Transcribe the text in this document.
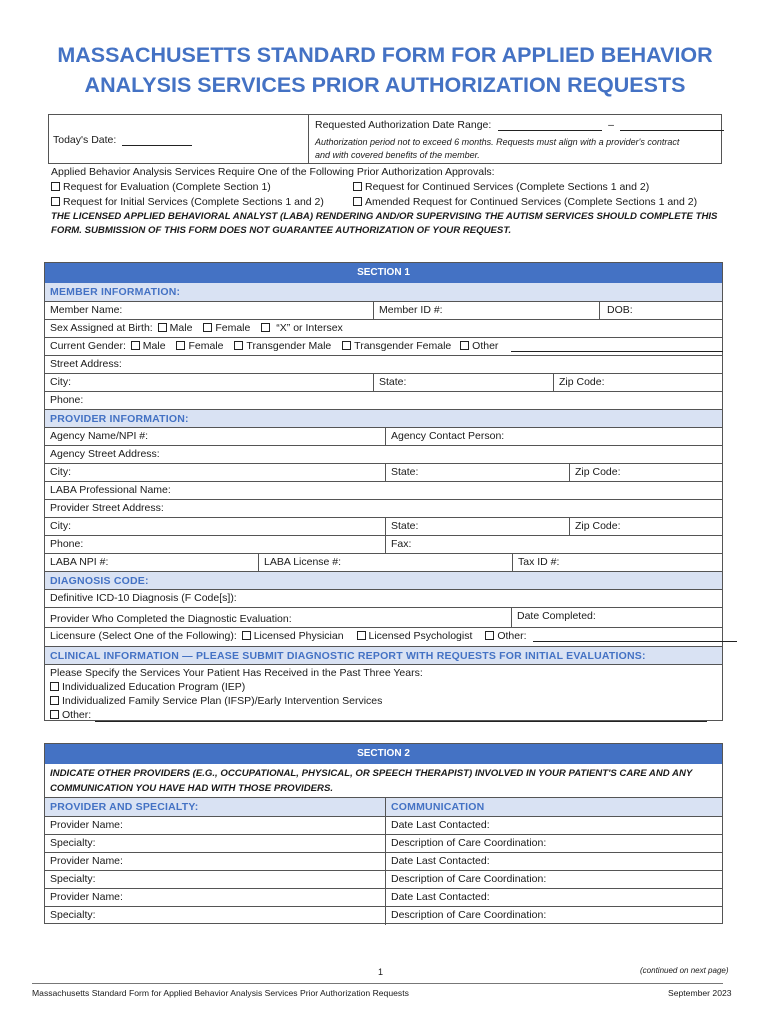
MASSACHUSETTS STANDARD FORM FOR APPLIED BEHAVIOR
ANALYSIS SERVICES PRIOR AUTHORIZATION REQUESTS
Today's Date:
Requested Authorization Date Range:	–
Authorization period not to exceed 6 months. Requests must align with a provider's contract
and with covered benefits of the member.
Applied Behavior Analysis Services Require One of the Following Prior Authorization Approvals:
Request for Evaluation (Complete Section 1)	Request for Continued Services (Complete Sections 1 and 2)
Request for Initial Services (Complete Sections 1 and 2)	Amended Request for Continued Services (Complete Sections 1 and 2)
THE LICENSED APPLIED BEHAVIORAL ANALYST (LABA) RENDERING AND/OR SUPERVISING THE AUTISM SERVICES SHOULD COMPLETE THIS
FORM. SUBMISSION OF THIS FORM DOES NOT GUARANTEE AUTHORIZATION OF YOUR REQUEST.
SECTION 1
MEMBER INFORMATION:
Member Name:	Member ID #:	DOB:
Sex Assigned at Birth: Male Female “X” or Intersex
Current Gender: Male Female Transgender Male Transgender Female Other
Street Address:
City:	State:	Zip Code:
Phone:
PROVIDER INFORMATION:
Agency Name/NPI #:	Agency Contact Person:
Agency Street Address:
City:	State:	Zip Code:
LABA Professional Name:
Provider Street Address:
City:	State:	Zip Code:
Phone:	Fax:
LABA NPI #:	LABA License #:	Tax ID #:
DIAGNOSIS CODE:
Definitive ICD-10 Diagnosis (F Code[s]):
Provider Who Completed the Diagnostic Evaluation:	Date Completed:
Licensure (Select One of the Following): Licensed Physician Licensed Psychologist Other:
CLINICAL INFORMATION — PLEASE SUBMIT DIAGNOSTIC REPORT WITH REQUESTS FOR INITIAL EVALUATIONS:
Please Specify the Services Your Patient Has Received in the Past Three Years:
Individualized Education Program (IEP)
Individualized Family Service Plan (IFSP)/Early Intervention Services
Other:
SECTION 2
INDICATE OTHER PROVIDERS (E.G., OCCUPATIONAL, PHYSICAL, OR SPEECH THERAPIST) INVOLVED IN YOUR PATIENT'S CARE AND ANY
COMMUNICATION YOU HAVE HAD WITH THOSE PROVIDERS.
PROVIDER AND SPECIALTY:	COMMUNICATION
Provider Name:	Date Last Contacted:
Specialty:	Description of Care Coordination:
Provider Name:	Date Last Contacted:
Specialty:	Description of Care Coordination:
Provider Name:	Date Last Contacted:
Specialty:	Description of Care Coordination:
1	(continued on next page)
Massachusetts Standard Form for Applied Behavior Analysis Services Prior Authorization Requests	September 2023
